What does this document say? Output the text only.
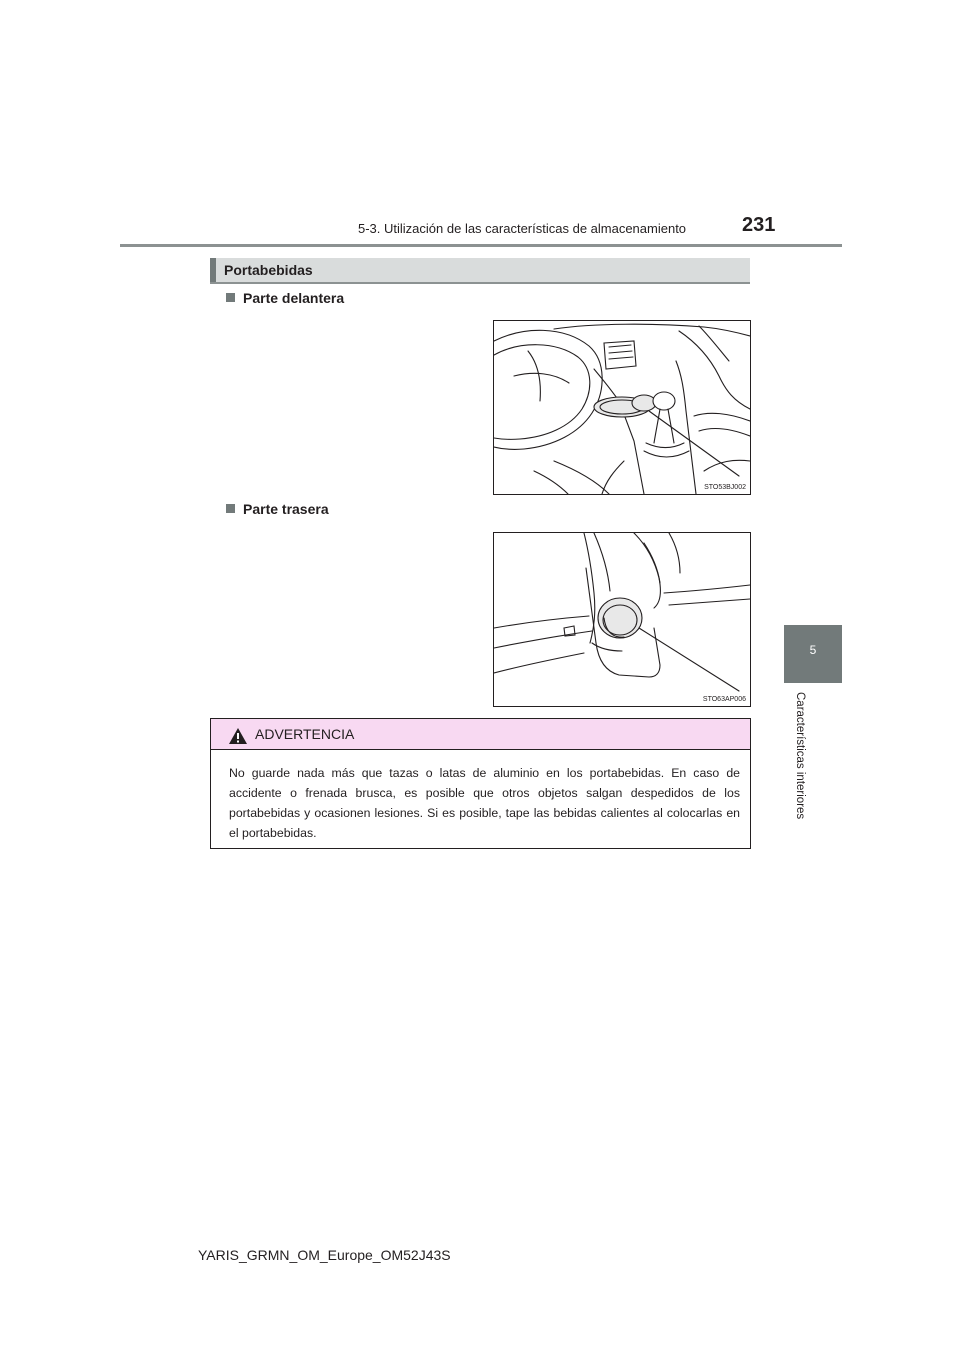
5-3. Utilización de las características de almacenamiento	231
5
Características interiores
Portabebidas
Parte delantera
STO53BJ002
Parte trasera
STO63AP006
ADVERTENCIA
No guarde nada más que tazas o latas de aluminio en los portabebidas. En caso de accidente o frenada brusca, es posible que otros objetos salgan despedidos de los portabebidas y ocasionen lesiones. Si es posible, tape las bebidas calientes al colocarlas en el portabebidas.
YARIS_GRMN_OM_Europe_OM52J43S
